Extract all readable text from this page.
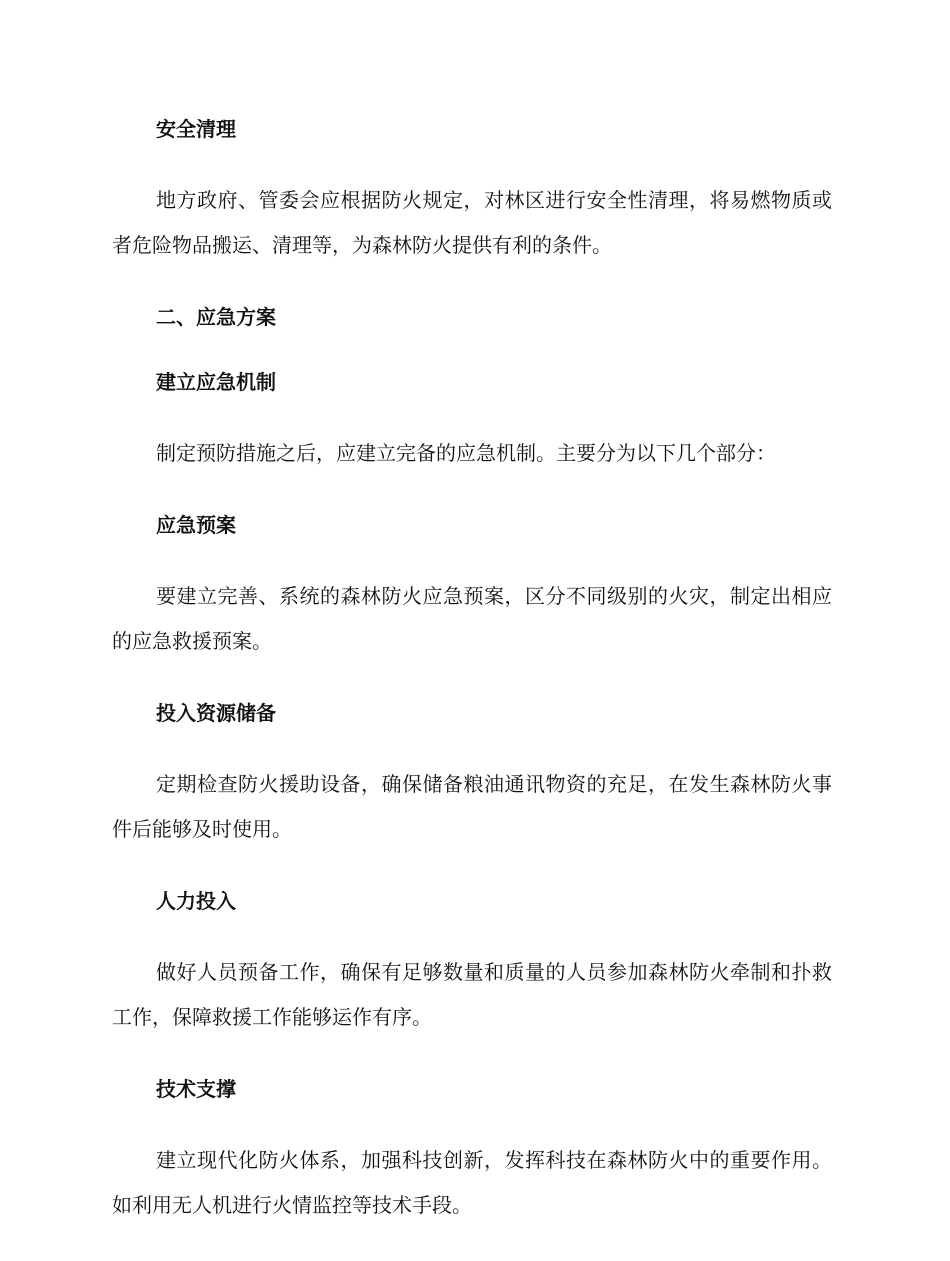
安全清理
地方政府、管委会应根据防火规定，对林区进行安全性清理，将易燃物质或者危险物品搬运、清理等，为森林防火提供有利的条件。
二、应急方案
建立应急机制
制定预防措施之后，应建立完备的应急机制。主要分为以下几个部分：
应急预案
要建立完善、系统的森林防火应急预案，区分不同级别的火灾，制定出相应的应急救援预案。
投入资源储备
定期检查防火援助设备，确保储备粮油通讯物资的充足，在发生森林防火事件后能够及时使用。
人力投入
做好人员预备工作，确保有足够数量和质量的人员参加森林防火牵制和扑救工作，保障救援工作能够运作有序。
技术支撑
建立现代化防火体系，加强科技创新，发挥科技在森林防火中的重要作用。如利用无人机进行火情监控等技术手段。
